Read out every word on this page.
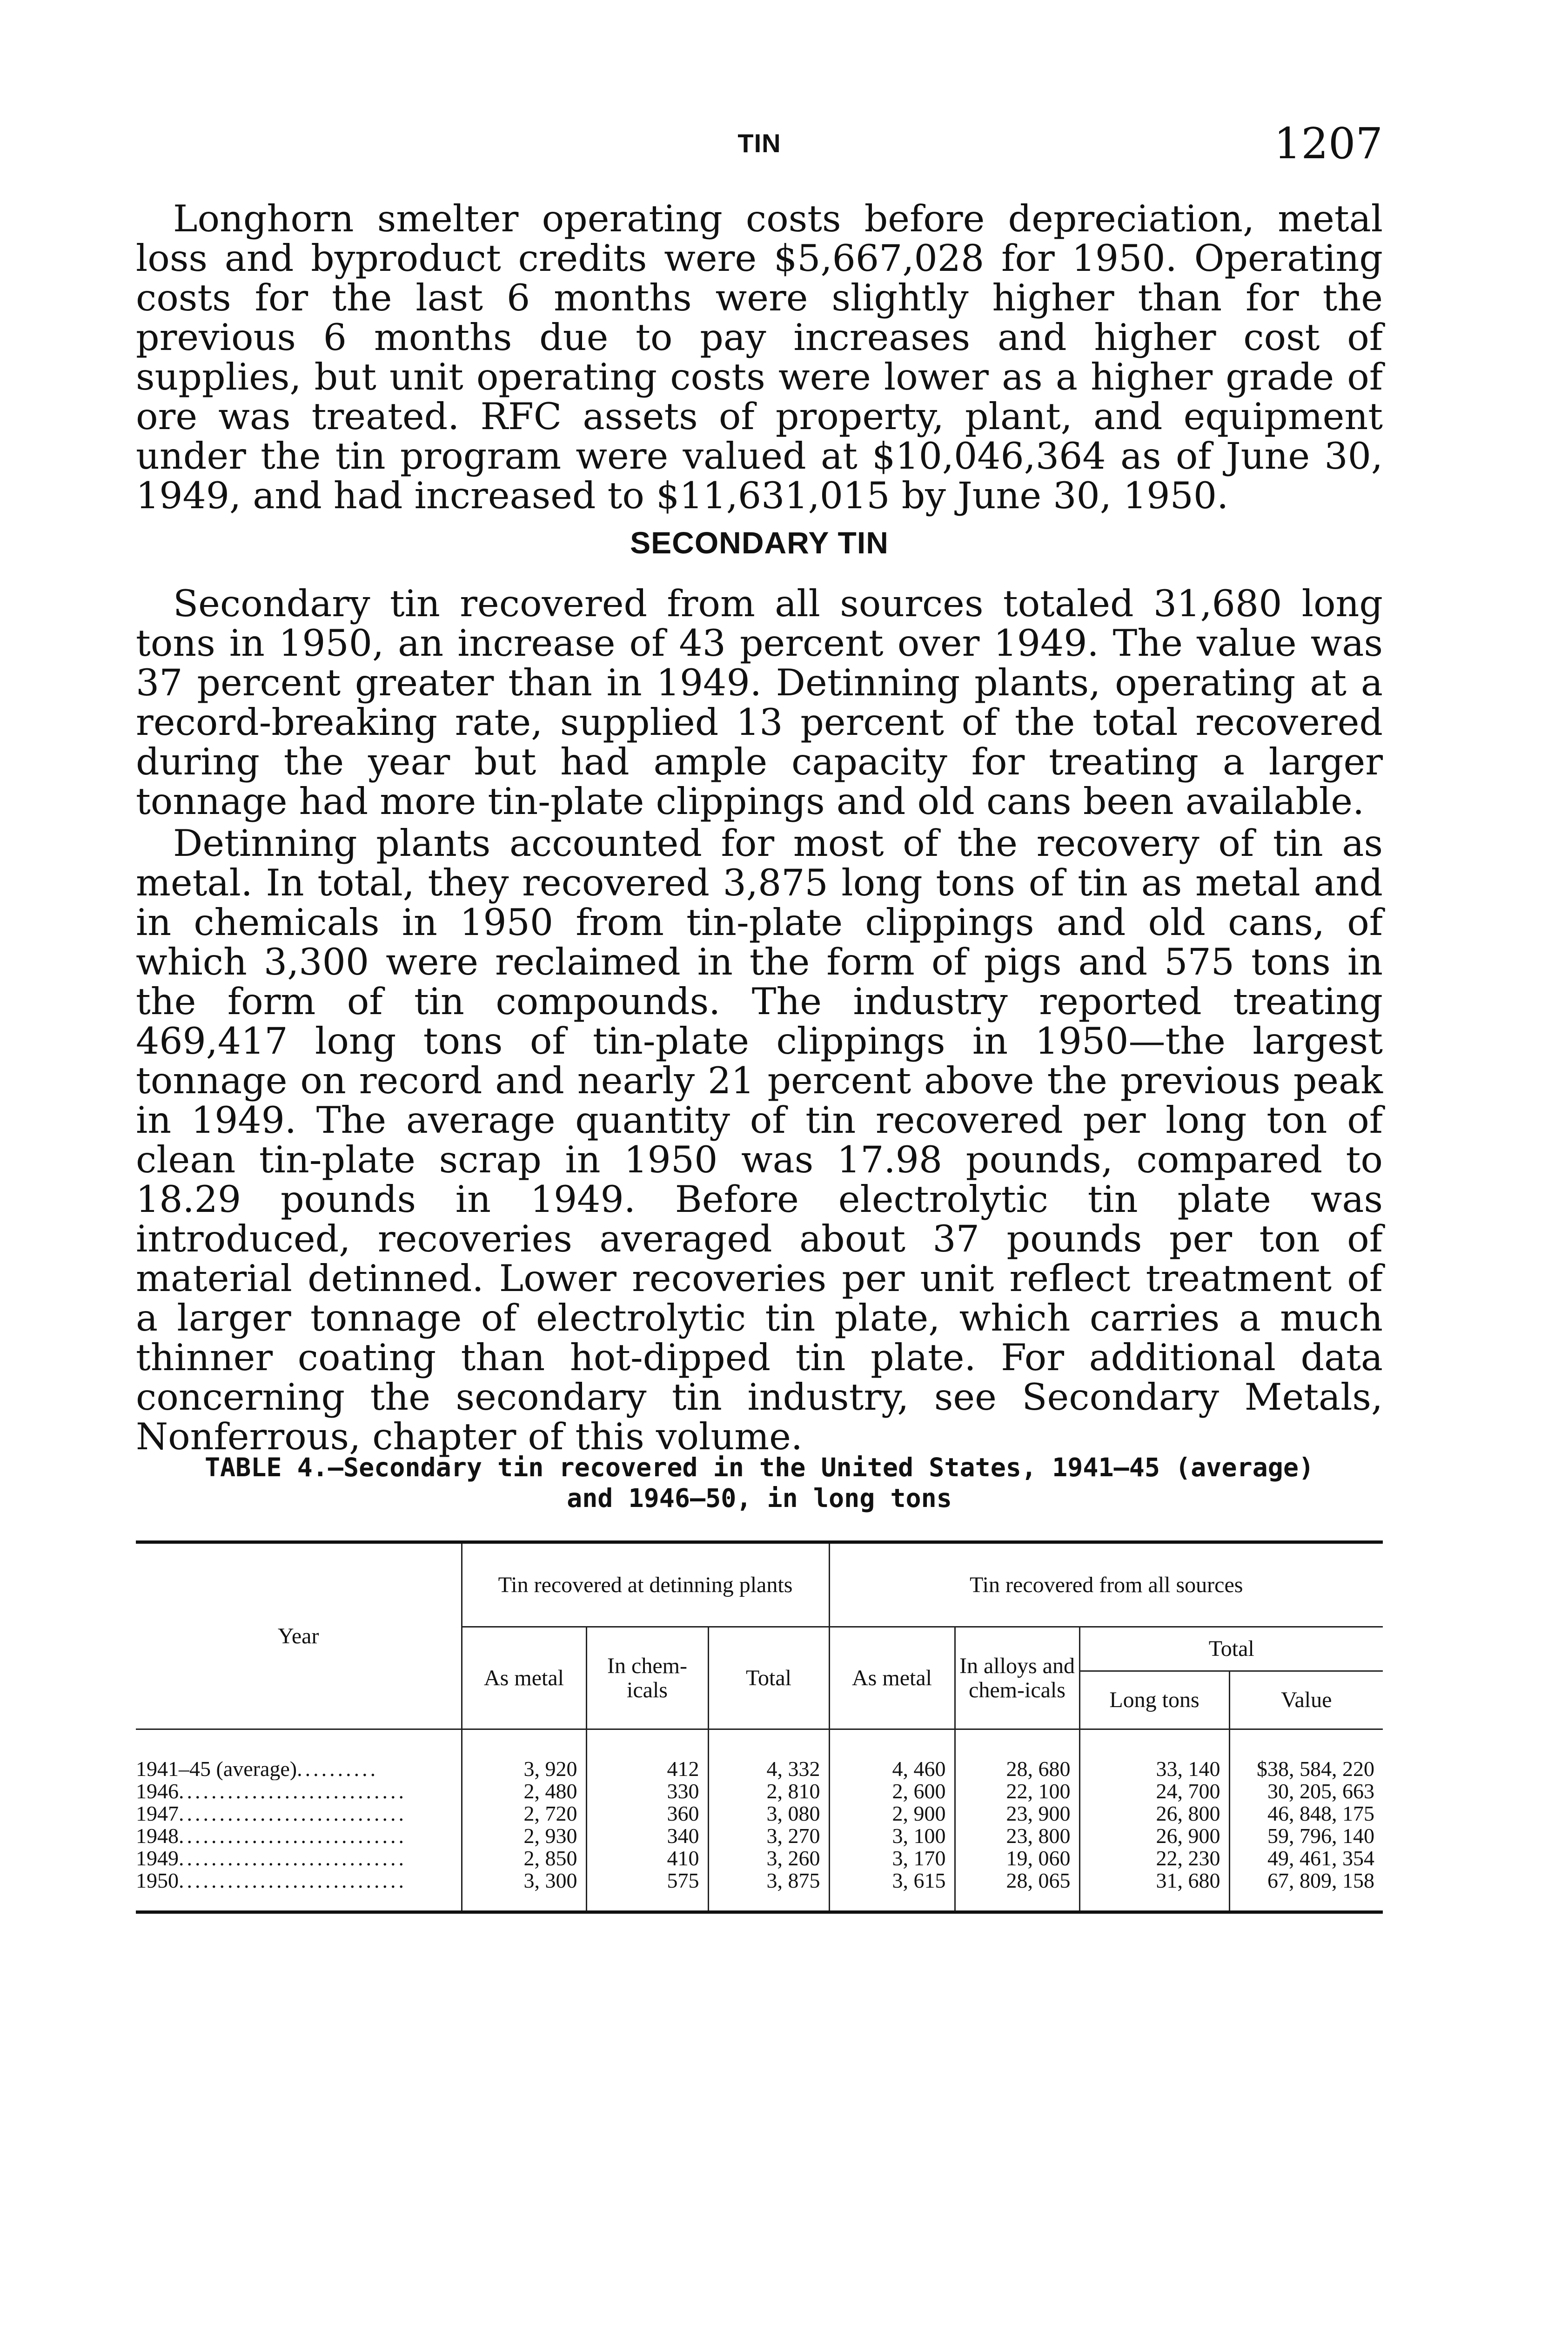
TIN	1207

Longhorn smelter operating costs before depreciation, metal loss and byproduct credits were $5,667,028 for 1950. Operating costs for the last 6 months were slightly higher than for the previous 6 months due to pay increases and higher cost of supplies, but unit operating costs were lower as a higher grade of ore was treated. RFC assets of property, plant, and equipment under the tin program were valued at $10,046,364 as of June 30, 1949, and had increased to $11,631,015 by June 30, 1950.

SECONDARY TIN

Secondary tin recovered from all sources totaled 31,680 long tons in 1950, an increase of 43 percent over 1949. The value was 37 percent greater than in 1949. Detinning plants, operating at a record-breaking rate, supplied 13 percent of the total recovered during the year but had ample capacity for treating a larger tonnage had more tin-plate clippings and old cans been available.

Detinning plants accounted for most of the recovery of tin as metal. In total, they recovered 3,875 long tons of tin as metal and in chemicals in 1950 from tin-plate clippings and old cans, of which 3,300 were reclaimed in the form of pigs and 575 tons in the form of tin compounds. The industry reported treating 469,417 long tons of tin-plate clippings in 1950—the largest tonnage on record and nearly 21 percent above the previous peak in 1949. The average quantity of tin recovered per long ton of clean tin-plate scrap in 1950 was 17.98 pounds, compared to 18.29 pounds in 1949. Before electrolytic tin plate was introduced, recoveries averaged about 37 pounds per ton of material detinned. Lower recoveries per unit reflect treatment of a larger tonnage of electrolytic tin plate, which carries a much thinner coating than hot-dipped tin plate. For additional data concerning the secondary tin industry, see Secondary Metals, Nonferrous, chapter of this volume.

TABLE 4.—Secondary tin recovered in the United States, 1941–45 (average)
and 1946–50, in long tons
Year	Tin recovered at detinning plants			Tin recovered from all sources			
	As metal	In chem-icals	Total	As metal	In alloys and chem-icals	Total	
						Long tons	Value
1941–45 (average)..........	3, 920	412	4, 332	4, 460	28, 680	33, 140	$38, 584, 220
1946............................	2, 480	330	2, 810	2, 600	22, 100	24, 700	30, 205, 663
1947............................	2, 720	360	3, 080	2, 900	23, 900	26, 800	46, 848, 175
1948............................	2, 930	340	3, 270	3, 100	23, 800	26, 900	59, 796, 140
1949............................	2, 850	410	3, 260	3, 170	19, 060	22, 230	49, 461, 354
1950............................	3, 300	575	3, 875	3, 615	28, 065	31, 680	67, 809, 158
